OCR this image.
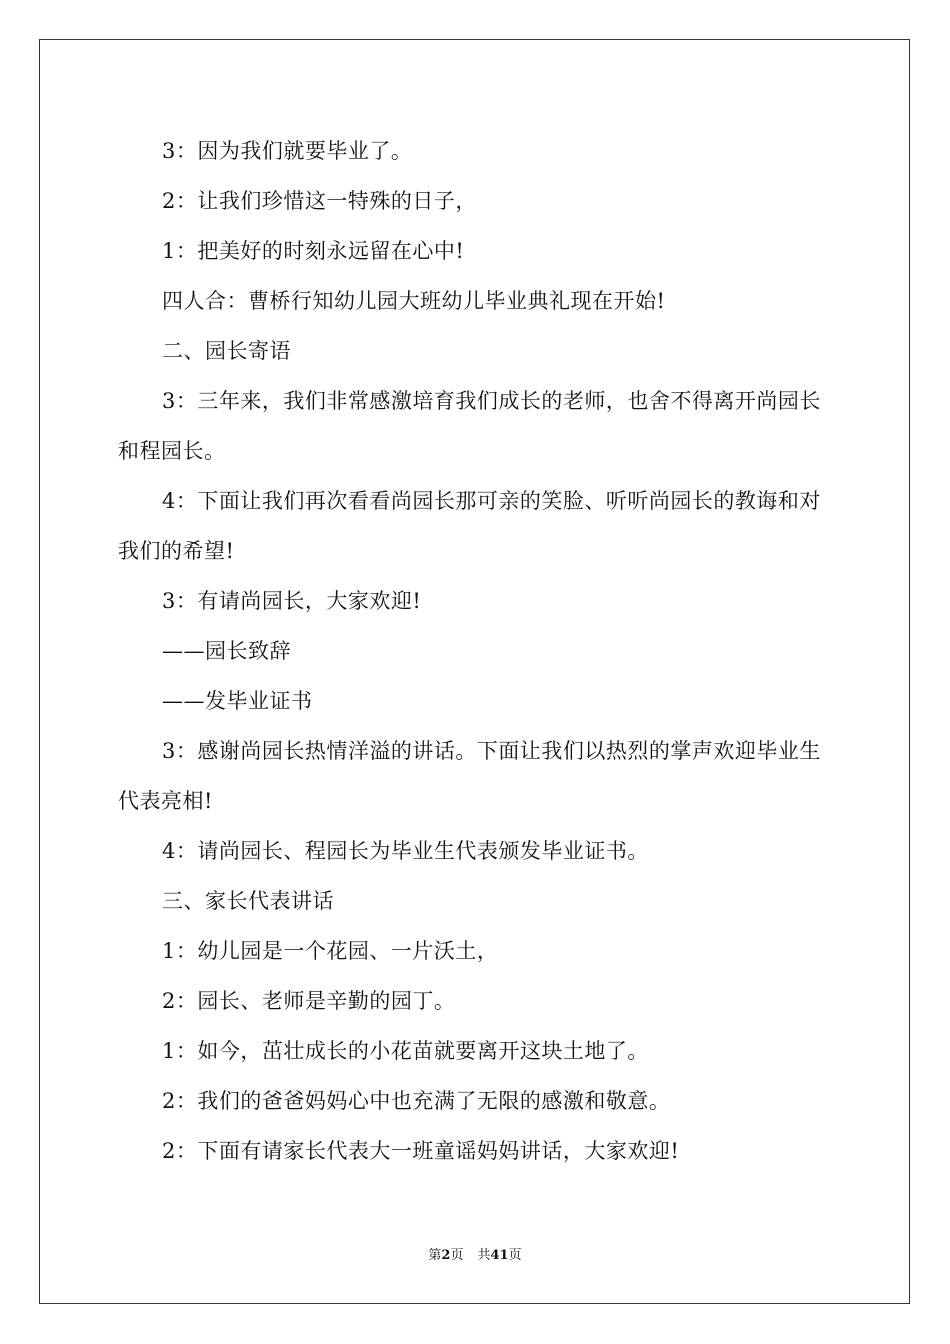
3：因为我们就要毕业了。

2：让我们珍惜这一特殊的日子，

1：把美好的时刻永远留在心中!

四人合：曹桥行知幼儿园大班幼儿毕业典礼现在开始!

二、园长寄语

3：三年来，我们非常感激培育我们成长的老师，也舍不得离开尚园长和程园长。

4：下面让我们再次看看尚园长那可亲的笑脸、听听尚园长的教诲和对我们的希望!

3：有请尚园长，大家欢迎!

——园长致辞

——发毕业证书

3：感谢尚园长热情洋溢的讲话。下面让我们以热烈的掌声欢迎毕业生代表亮相!

4：请尚园长、程园长为毕业生代表颁发毕业证书。

三、家长代表讲话

1：幼儿园是一个花园、一片沃土，

2：园长、老师是辛勤的园丁。

1：如今，茁壮成长的小花苗就要离开这块土地了。

2：我们的爸爸妈妈心中也充满了无限的感激和敬意。

2：下面有请家长代表大一班童谣妈妈讲话，大家欢迎!

第2页 共41页
